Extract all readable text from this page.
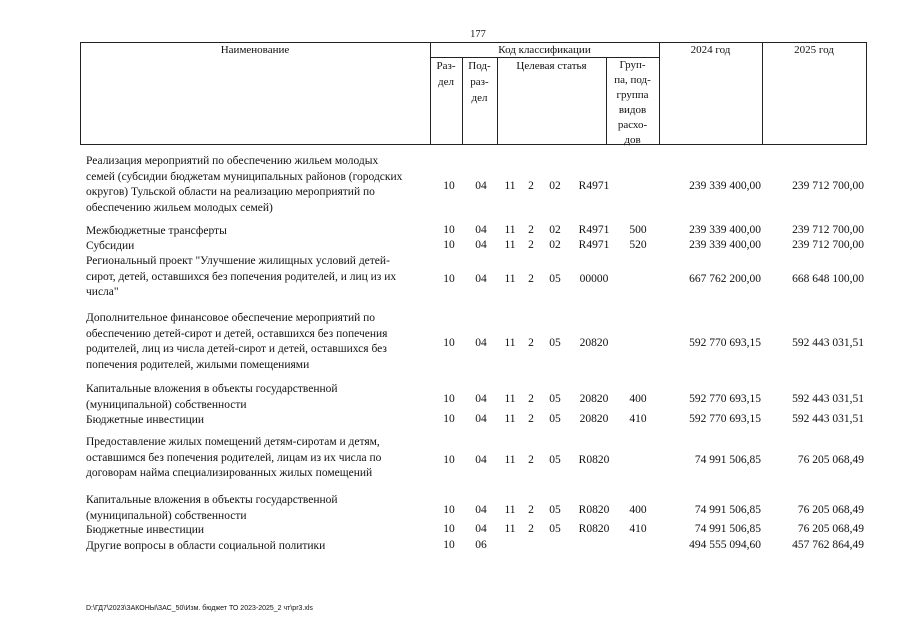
177
Наименование	Код классификации	2024 год	2025 год
Раз-
дел
Под-
раз-
дел
Целевая статья	Груп-
па, под-
группа
видов
расхо-
дов
Реализация мероприятий по обеспечению жильем молодых
семей (субсидии бюджетам муниципальных районов (городских
округов) Тульской области на реализацию мероприятий по
обеспечению жильем молодых семей)
10	04	11	2	02	R4971	239 339 400,00	239 712 700,00
Межбюджетные трансферты	10	04	11	2	02	R4971	500	239 339 400,00	239 712 700,00
Субсидии	10	04	11	2	02	R4971	520	239 339 400,00	239 712 700,00
Региональный проект "Улучшение жилищных условий детей-
сирот, детей, оставшихся без попечения родителей, и лиц из их
числа"
10	04	11	2	05	00000	667 762 200,00	668 648 100,00
Дополнительное финансовое обеспечение мероприятий по
обеспечению детей-сирот и детей, оставшихся без попечения
родителей, лиц из числа детей-сирот и детей, оставшихся без
попечения родителей, жилыми помещениями
10	04	11	2	05	20820	592 770 693,15	592 443 031,51
Капитальные вложения в объекты государственной
(муниципальной) собственности	10	04	11	2	05	20820	400	592 770 693,15	592 443 031,51
Бюджетные инвестиции	10	04	11	2	05	20820	410	592 770 693,15	592 443 031,51
Предоставление жилых помещений детям-сиротам и детям,
оставшимся без попечения родителей, лицам из их числа по
договорам найма специализированных жилых помещений
10	04	11	2	05	R0820	74 991 506,85	76 205 068,49
Капитальные вложения в объекты государственной
(муниципальной) собственности	10	04	11	2	05	R0820	400	74 991 506,85	76 205 068,49
Бюджетные инвестиции	10	04	11	2	05	R0820	410	74 991 506,85	76 205 068,49
Другие вопросы в области социальной политики	10	06	494 555 094,60	457 762 864,49
D:\ГД7\2023\ЗАКОНЫ\ЗАС_50\Изм. бюджет ТО 2023-2025_2 чт\pr3.xls
